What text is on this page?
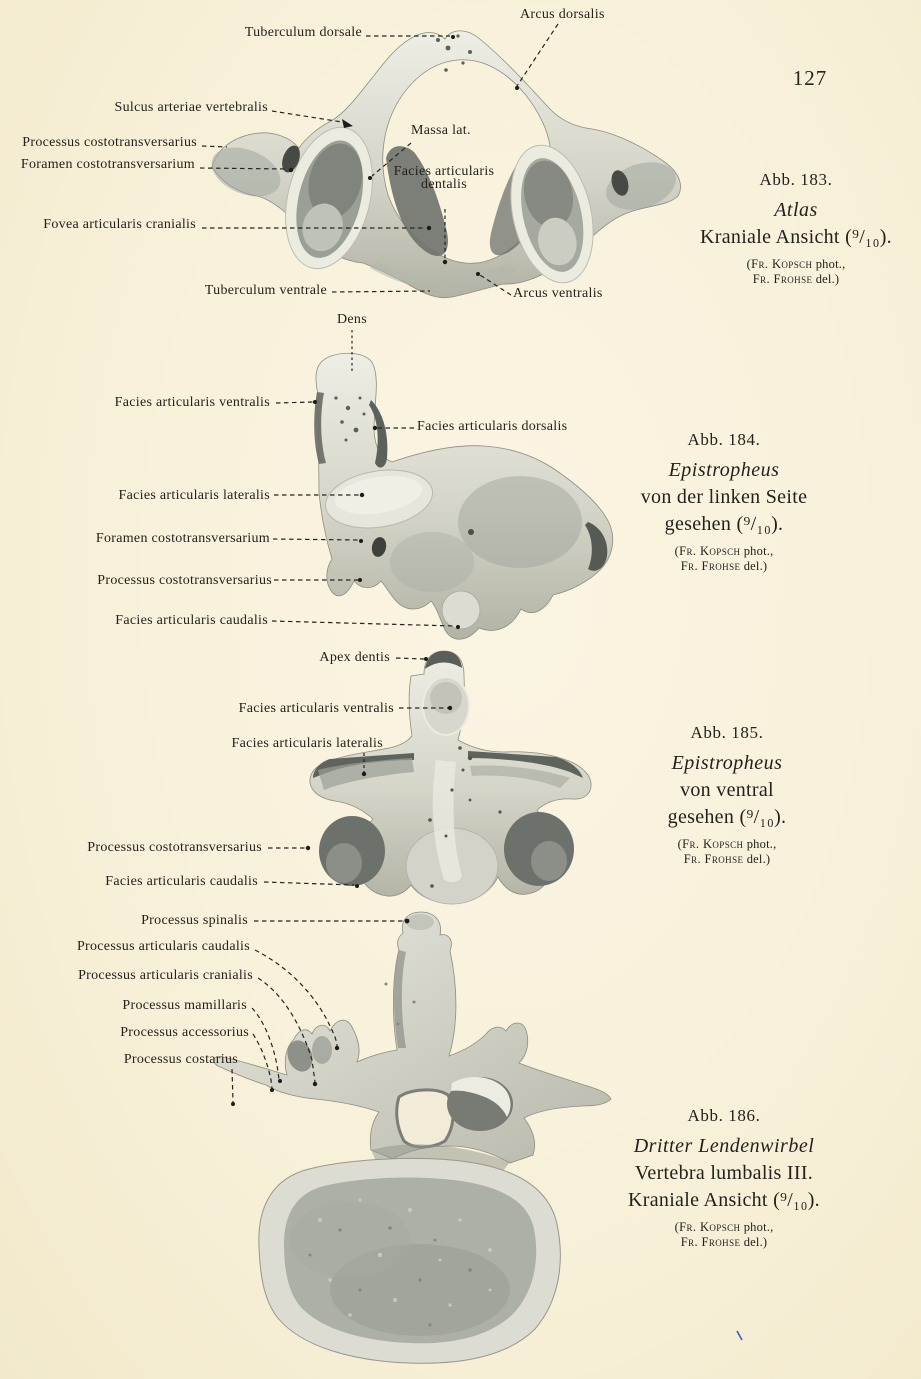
127
Arcus dorsalis
Tuberculum dorsale
Sulcus arteriae vertebralis
Processus costotransversarius
Foramen costotransversarium
Fovea articularis cranialis
Massa lat.
Facies articularis dentalis
Tuberculum ventrale	Arcus ventralis
Dens
Facies articularis ventralis
Facies articularis dorsalis
Facies articularis lateralis
Foramen costotransversarium
Processus costotransversarius
Facies articularis caudalis
Apex dentis
Facies articularis ventralis
Facies articularis lateralis
Processus costotransversarius
Facies articularis caudalis
Processus spinalis
Processus articularis caudalis
Processus articularis cranialis
Processus mamillaris
Processus accessorius
Processus costarius
Abb. 183.
Atlas
Kraniale Ansicht (⁹/₁₀).
(Fr. Kopsch phot.,
Fr. Frohse del.)
Abb. 184.
Epistropheus
von der linken Seite
gesehen (⁹/₁₀).
(Fr. Kopsch phot.,
Fr. Frohse del.)
Abb. 185.
Epistropheus
von ventral
gesehen (⁹/₁₀).
(Fr. Kopsch phot.,
Fr. Frohse del.)
Abb. 186.
Dritter Lendenwirbel
Vertebra lumbalis III.
Kraniale Ansicht (⁹/₁₀).
(Fr. Kopsch phot.,
Fr. Frohse del.)
